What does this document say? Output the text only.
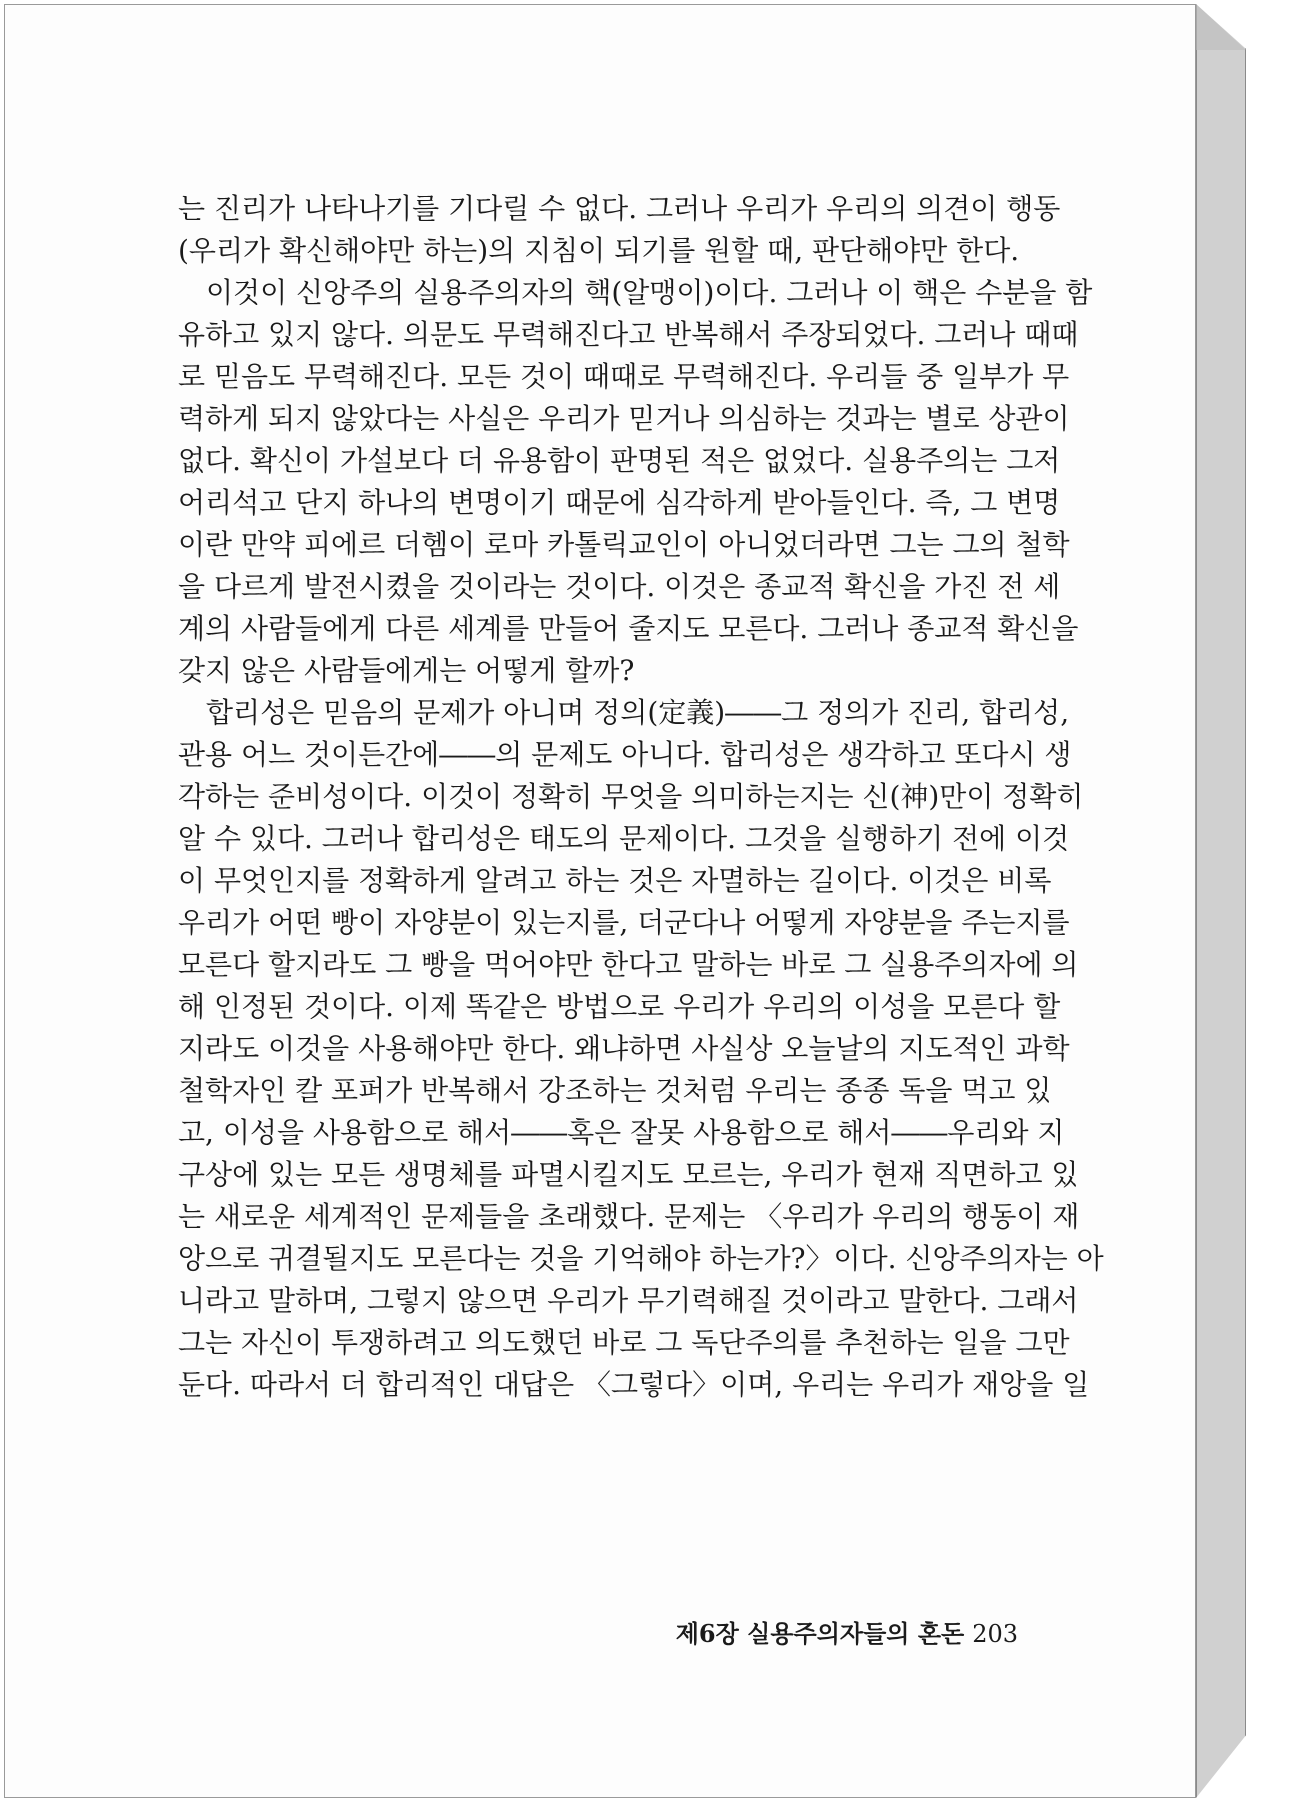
는 진리가 나타나기를 기다릴 수 없다. 그러나 우리가 우리의 의견이 행동
(우리가 확신해야만 하는)의 지침이 되기를 원할 때, 판단해야만 한다.
이것이 신앙주의 실용주의자의 핵(알맹이)이다. 그러나 이 핵은 수분을 함
유하고 있지 않다. 의문도 무력해진다고 반복해서 주장되었다. 그러나 때때
로 믿음도 무력해진다. 모든 것이 때때로 무력해진다. 우리들 중 일부가 무
력하게 되지 않았다는 사실은 우리가 믿거나 의심하는 것과는 별로 상관이
없다. 확신이 가설보다 더 유용함이 판명된 적은 없었다. 실용주의는 그저
어리석고 단지 하나의 변명이기 때문에 심각하게 받아들인다. 즉, 그 변명
이란 만약 피에르 더헴이 로마 카톨릭교인이 아니었더라면 그는 그의 철학
을 다르게 발전시켰을 것이라는 것이다. 이것은 종교적 확신을 가진 전 세
계의 사람들에게 다른 세계를 만들어 줄지도 모른다. 그러나 종교적 확신을
갖지 않은 사람들에게는 어떻게 할까?
합리성은 믿음의 문제가 아니며 정의(定義)――그 정의가 진리, 합리성,
관용 어느 것이든간에――의 문제도 아니다. 합리성은 생각하고 또다시 생
각하는 준비성이다. 이것이 정확히 무엇을 의미하는지는 신(神)만이 정확히
알 수 있다. 그러나 합리성은 태도의 문제이다. 그것을 실행하기 전에 이것
이 무엇인지를 정확하게 알려고 하는 것은 자멸하는 길이다. 이것은 비록
우리가 어떤 빵이 자양분이 있는지를, 더군다나 어떻게 자양분을 주는지를
모른다 할지라도 그 빵을 먹어야만 한다고 말하는 바로 그 실용주의자에 의
해 인정된 것이다. 이제 똑같은 방법으로 우리가 우리의 이성을 모른다 할
지라도 이것을 사용해야만 한다. 왜냐하면 사실상 오늘날의 지도적인 과학
철학자인 칼 포퍼가 반복해서 강조하는 것처럼 우리는 종종 독을 먹고 있
고, 이성을 사용함으로 해서――혹은 잘못 사용함으로 해서――우리와 지
구상에 있는 모든 생명체를 파멸시킬지도 모르는, 우리가 현재 직면하고 있
는 새로운 세계적인 문제들을 초래했다. 문제는 〈우리가 우리의 행동이 재
앙으로 귀결될지도 모른다는 것을 기억해야 하는가?〉이다. 신앙주의자는 아
니라고 말하며, 그렇지 않으면 우리가 무기력해질 것이라고 말한다. 그래서
그는 자신이 투쟁하려고 의도했던 바로 그 독단주의를 추천하는 일을 그만
둔다. 따라서 더 합리적인 대답은 〈그렇다〉이며, 우리는 우리가 재앙을 일
제6장 실용주의자들의 혼돈 203
